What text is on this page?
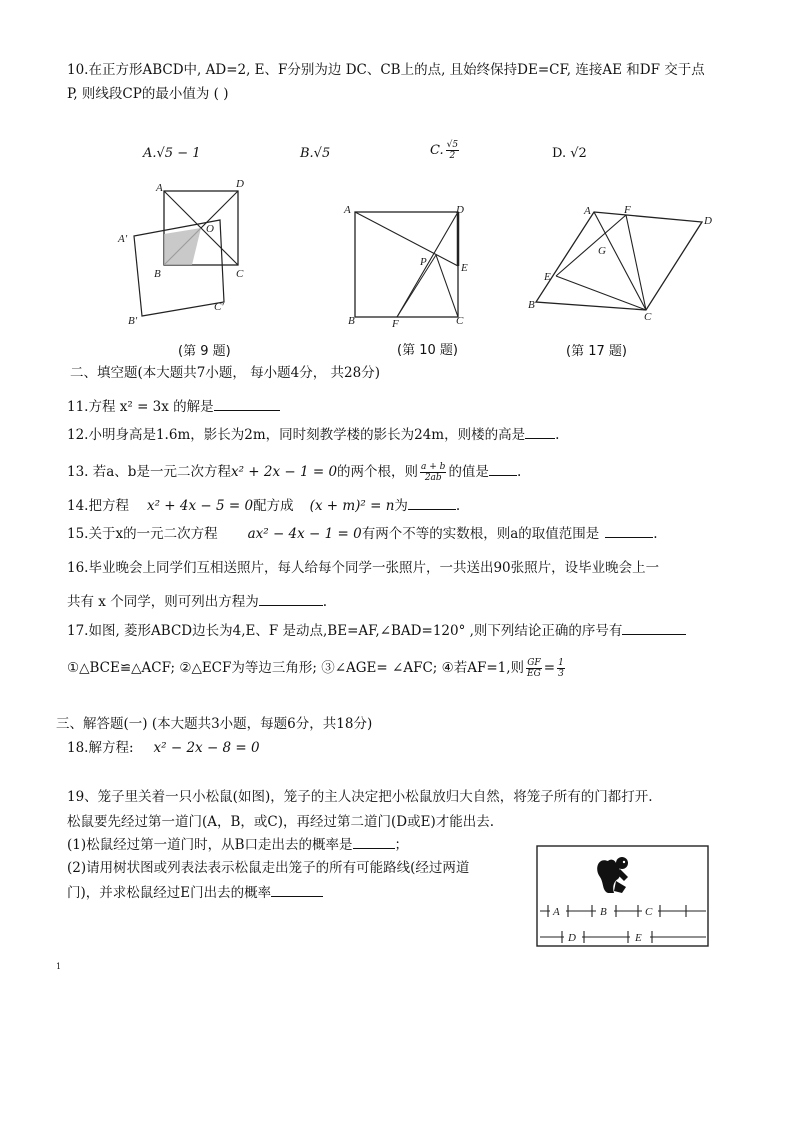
10.在正方形ABCD中, AD=2, E、F分别为边 DC、CB上的点, 且始终保持DE=CF, 连接AE 和DF 交于点
P, 则线段CP的最小值为 ( )
A.√5 − 1	B.√5	C. $\frac{√5}{2}$	D. √2
A	D
A′
O
B	C
C′
B′
A	D
P	E
B	F	C
A	F
D
G
E
B
C
(第 9 题)	(第 10 题)	(第 17 题)
二、填空题(本大题共7小题， 每小题4分， 共28分)
11.方程 x² = 3x 的解是
12.小明身高是1.6m，影长为2m，同时刻教学楼的影长为24m，则楼的高是 .
13. 若a、b是一元二次方程x² + 2x − 1 = 0的两个根，则 $\frac{a + b}{2ab}$ 的值是 .
14.把方程 x² + 4x − 5 = 0配方成 (x + m)² = n为	.
15.关于x的一元二次方程 ax² − 4x − 1 = 0有两个不等的实数根，则a的取值范围是	.
16.毕业晚会上同学们互相送照片，每人给每个同学一张照片，一共送出90张照片，设毕业晚会上一
共有 x 个同学，则可列出方程为	.
17.如图, 菱形ABCD边长为4,E、F 是动点,BE=AF,∠BAD=120° ,则下列结论正确的序号有
①△BCE≌△ACF; ②△ECF为等边三角形; ③∠AGE= ∠AFC; ④若AF=1,则 $\frac{GF}{EG} = \frac{1}{3}$
三、解答题(一) (本大题共3小题，每题6分，共18分)
18.解方程: x² − 2x − 8 = 0
19、笼子里关着一只小松鼠(如图)，笼子的主人决定把小松鼠放归大自然，将笼子所有的门都打开.
松鼠要先经过第一道门(A，B，或C)，再经过第二道门(D或E)才能出去.
(1)松鼠经过第一道门时，从B口走出去的概率是	；
(2)请用树状图或列表法表示松鼠走出笼子的所有可能路线(经过两道
门)，并求松鼠经过E门出去的概率
A	B	C
D	E
1
